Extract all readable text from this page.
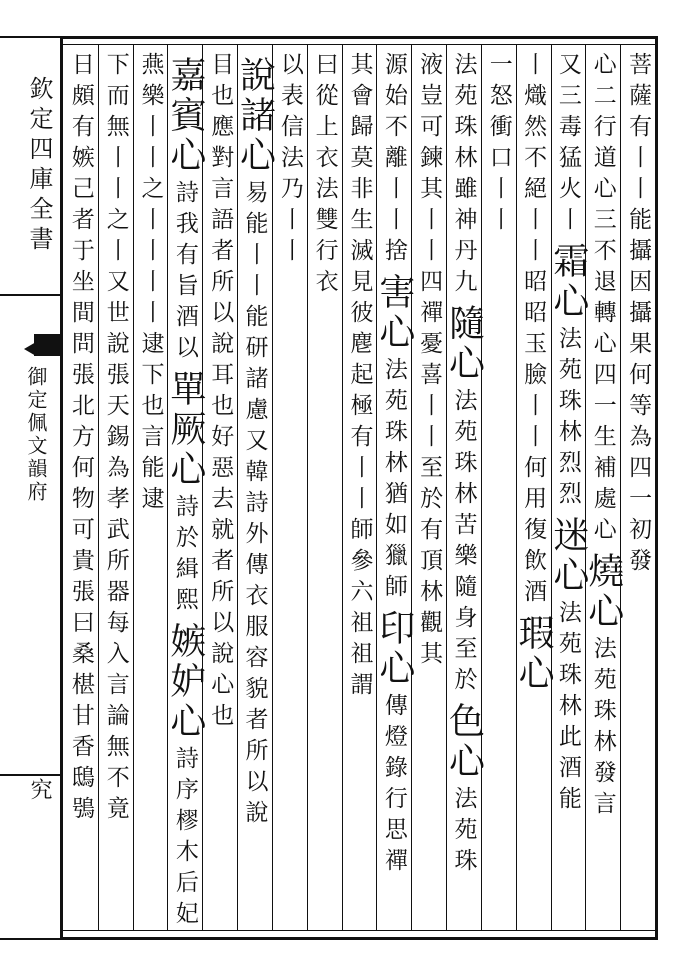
欽定四庫全書
御定佩文韻府
究
菩薩有丨丨能攝因攝果何等為四一初發
心二行道心三不退轉心四一生補處心燒心法苑珠林發言
又三毒猛火丨霜心法苑珠林烈烈迷心法苑珠林此酒能
丨熾然不絕丨丨昭昭玉臉丨丨何用復飲酒瑕心
一怒衝口丨丨
法苑珠林雖神丹九隨心法苑珠林苦樂隨身至於色心法苑珠
液豈可鍊其丨丨四禪憂喜丨丨至於有頂林觀其
源始不離丨丨捨害心法苑珠林猶如獵師印心傳燈錄行思禪
其會歸莫非生滅見彼麀起極有丨丨師參六祖祖謂
曰從上衣法雙行衣
以表信法乃丨丨
說諸心易能丨丨能研諸慮又韓詩外傳衣服容貌者所以說
目也應對言語者所以說耳也好惡去就者所以說心也
嘉賓心詩我有旨酒以單厥心詩於緝熙嫉妒心詩序樛木后妃
燕樂丨丨之丨丨丨丨逮下也言能逮
下而無丨丨之丨又世說張天錫為孝武所器每入言論無不竟
日頗有嫉己者于坐間問張北方何物可貴張曰桑椹甘香鴟鴞
